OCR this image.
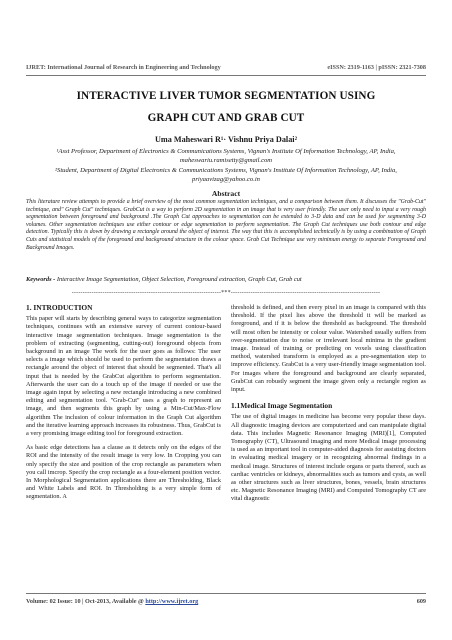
IJRET: International Journal of Research in Engineering and Technology	eISSN: 2319-1163 | pISSN: 2321-7308
INTERACTIVE LIVER TUMOR SEGMENTATION USING
GRAPH CUT AND GRAB CUT
Uma Maheswari R¹· Vishnu Priya Dalai²
¹Asst Professor, Department of Electronics & Communications Systems, Vignan's Institute Of Information Technology, AP, India, maheswariu.ramisetty@gmail.com
²Student, Department of Digital Electronics & Communications Systems, Vignan's Institute Of Information Technology, AP, India, priyaavizag@yahoo.co.in
Abstract
This literature review attempts to provide a brief overview of the most common segmentation techniques, and a comparison between them. It discusses the "Grab-Cut" technique, and" Graph Cut" techniques. GrabCut is a way to perform 2D segmentation in an image that is very user friendly. The user only need to input a very rough segmentation between foreground and background .The Graph Cut approaches to segmentation can be extended to 3-D data and can be used for segmenting 3-D volumes. Other segmentation techniques use either contour or edge segmentation to perform segmentation. The Graph Cut techniques use both contour and edge detection. Typically this is down by drawing a rectangle around the object of interest. The way that this is accomplished technically is by using a combination of Graph Cuts and statistical models of the foreground and background structure in the colour space. Grab Cut Technique use very minimum energy to separate Foreground and Background Images.
Keywords - Interactive Image Segmentation, Object Selection, Foreground extraction, Graph Cut, Grab cut
--------------------------------------------------------------------***--------------------------------------------------------------------
1. INTRODUCTION

This paper will starts by describing general ways to categorize segmentation techniques, continues with an extensive survey of current contour-based interactive image segmentation techniques. Image segmentation is the problem of extracting (segmenting, cutting-out) foreground objects from background in an image The work for the user goes as follows: The user selects a image which should be used to perform the segmentation draws a rectangle around the object of interest that should be segmented. That's all input that is needed by the GrabCut algorithm to perform segmentation. Afterwards the user can do a touch up of the image if needed or use the image again input by selecting a new rectangle introducing a new combined editing and segmentation tool. "Grab-Cut" uses a graph to represent an image, and then segments this graph by using a Min-Cut/Max-Flow algorithm The inclusion of colour information in the Graph Cut algorithm and the iterative learning approach increases its robustness. Thus, GrabCut is a very promising image editing tool for foreground extraction.

As basic edge detections has a clause as it detects only on the edges of the ROI and the intensity of the result image is very low. In Cropping you can only specify the size and position of the crop rectangle as parameters when you call imcrop. Specify the crop rectangle as a four-element position vector. In Morphological Segmentation applications there are Thresholding, Black and White Labels and ROI. In Thresholding is a very simple form of segmentation. A

threshold is defined, and then every pixel in an image is compared with this threshold. If the pixel lies above the threshold it will be marked as foreground, and if it is below the threshold as background. The threshold will most often be intensity or colour value. Watershed usually suffers from over-segmentation due to noise or irrelevant local minima in the gradient image. Instead of training or predicting on voxels using classification method, watershed transform is employed as a pre-segmentation step to improve efficiency. GrabCut is a very user-friendly image segmentation tool. For images where the foreground and background are clearly separated, GrabCut can robustly segment the image given only a rectangle region as input.

1.1Medical Image Segmentation

The use of digital images in medicine has become very popular these days. All diagnostic imaging devices are computerized and can manipulate digital data. This includes Magnetic Resonance Imaging (MRI)[1], Computed Tomography (CT), Ultrasound imaging and more Medical image processing is used as an important tool in computer-aided diagnosis for assisting doctors in evaluating medical imagery or in recognizing abnormal findings in a medical image. Structures of interest include organs or parts thereof, such as cardiac ventricles or kidneys, abnormalities such as tumors and cysts, as well as other structures such as liver structures, bones, vessels, brain structures etc. Magnetic Resonance Imaging (MRI) and Computed Tomography CT are vital diagnostic

Volume: 02 Issue: 10 | Oct-2013, Available @ http://www.ijret.org	609
